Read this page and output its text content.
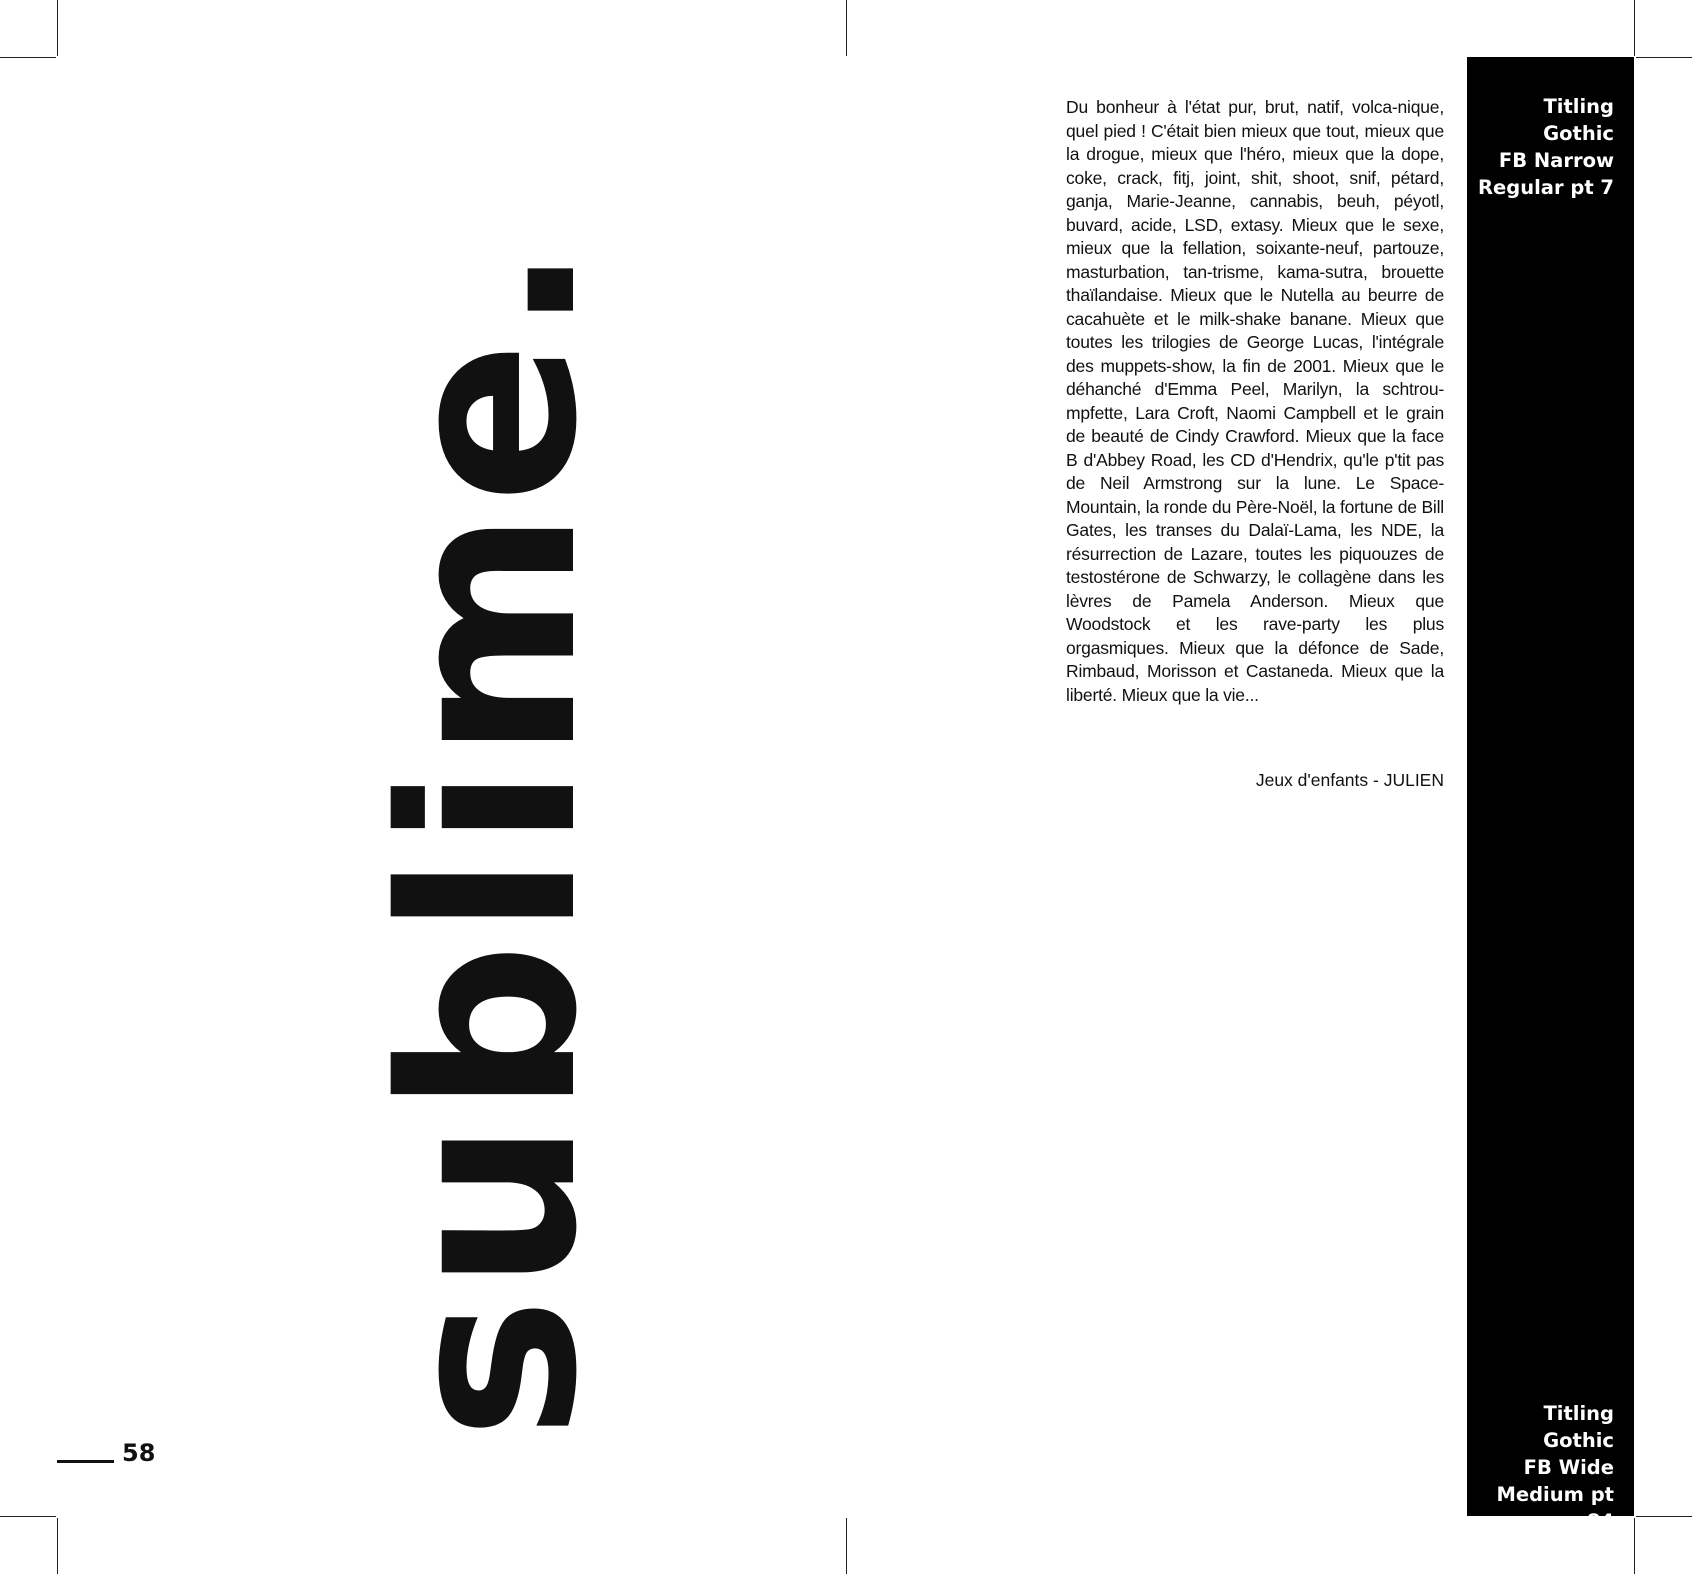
sublime.
Du bonheur à l'état pur, brut, natif, volca-nique, quel pied ! C'était bien mieux que tout, mieux que la drogue, mieux que l'héro, mieux que la dope, coke, crack, fitj, joint, shit, shoot, snif, pétard, ganja, Marie-Jeanne, cannabis, beuh, péyotl, buvard, acide, LSD, extasy. Mieux que le sexe, mieux que la fellation, soixante-neuf, partouze, masturbation, tan-trisme, kama-sutra, brouette thaïlandaise. Mieux que le Nutella au beurre de cacahuète et le milk-shake banane. Mieux que toutes les trilogies de George Lucas, l'intégrale des muppets-show, la fin de 2001. Mieux que le déhanché d'Emma Peel, Marilyn, la schtrou-mpfette, Lara Croft, Naomi Campbell et le grain de beauté de Cindy Crawford. Mieux que la face B d'Abbey Road, les CD d'Hendrix, qu'le p'tit pas de Neil Armstrong sur la lune. Le Space-Mountain, la ronde du Père-Noël, la fortune de Bill Gates, les transes du Dalaï-Lama, les NDE, la résurrection de Lazare, toutes les piquouzes de testostérone de Schwarzy, le collagène dans les lèvres de Pamela Anderson. Mieux que Woodstock et les rave-party les plus orgasmiques. Mieux que la défonce de Sade, Rimbaud, Morisson et Castaneda. Mieux que la liberté. Mieux que la vie...
Jeux d'enfants - JULIEN
Titling Gothic
FB Narrow
Regular pt 7
Titling Gothic
FB Wide
Medium pt 84
58
